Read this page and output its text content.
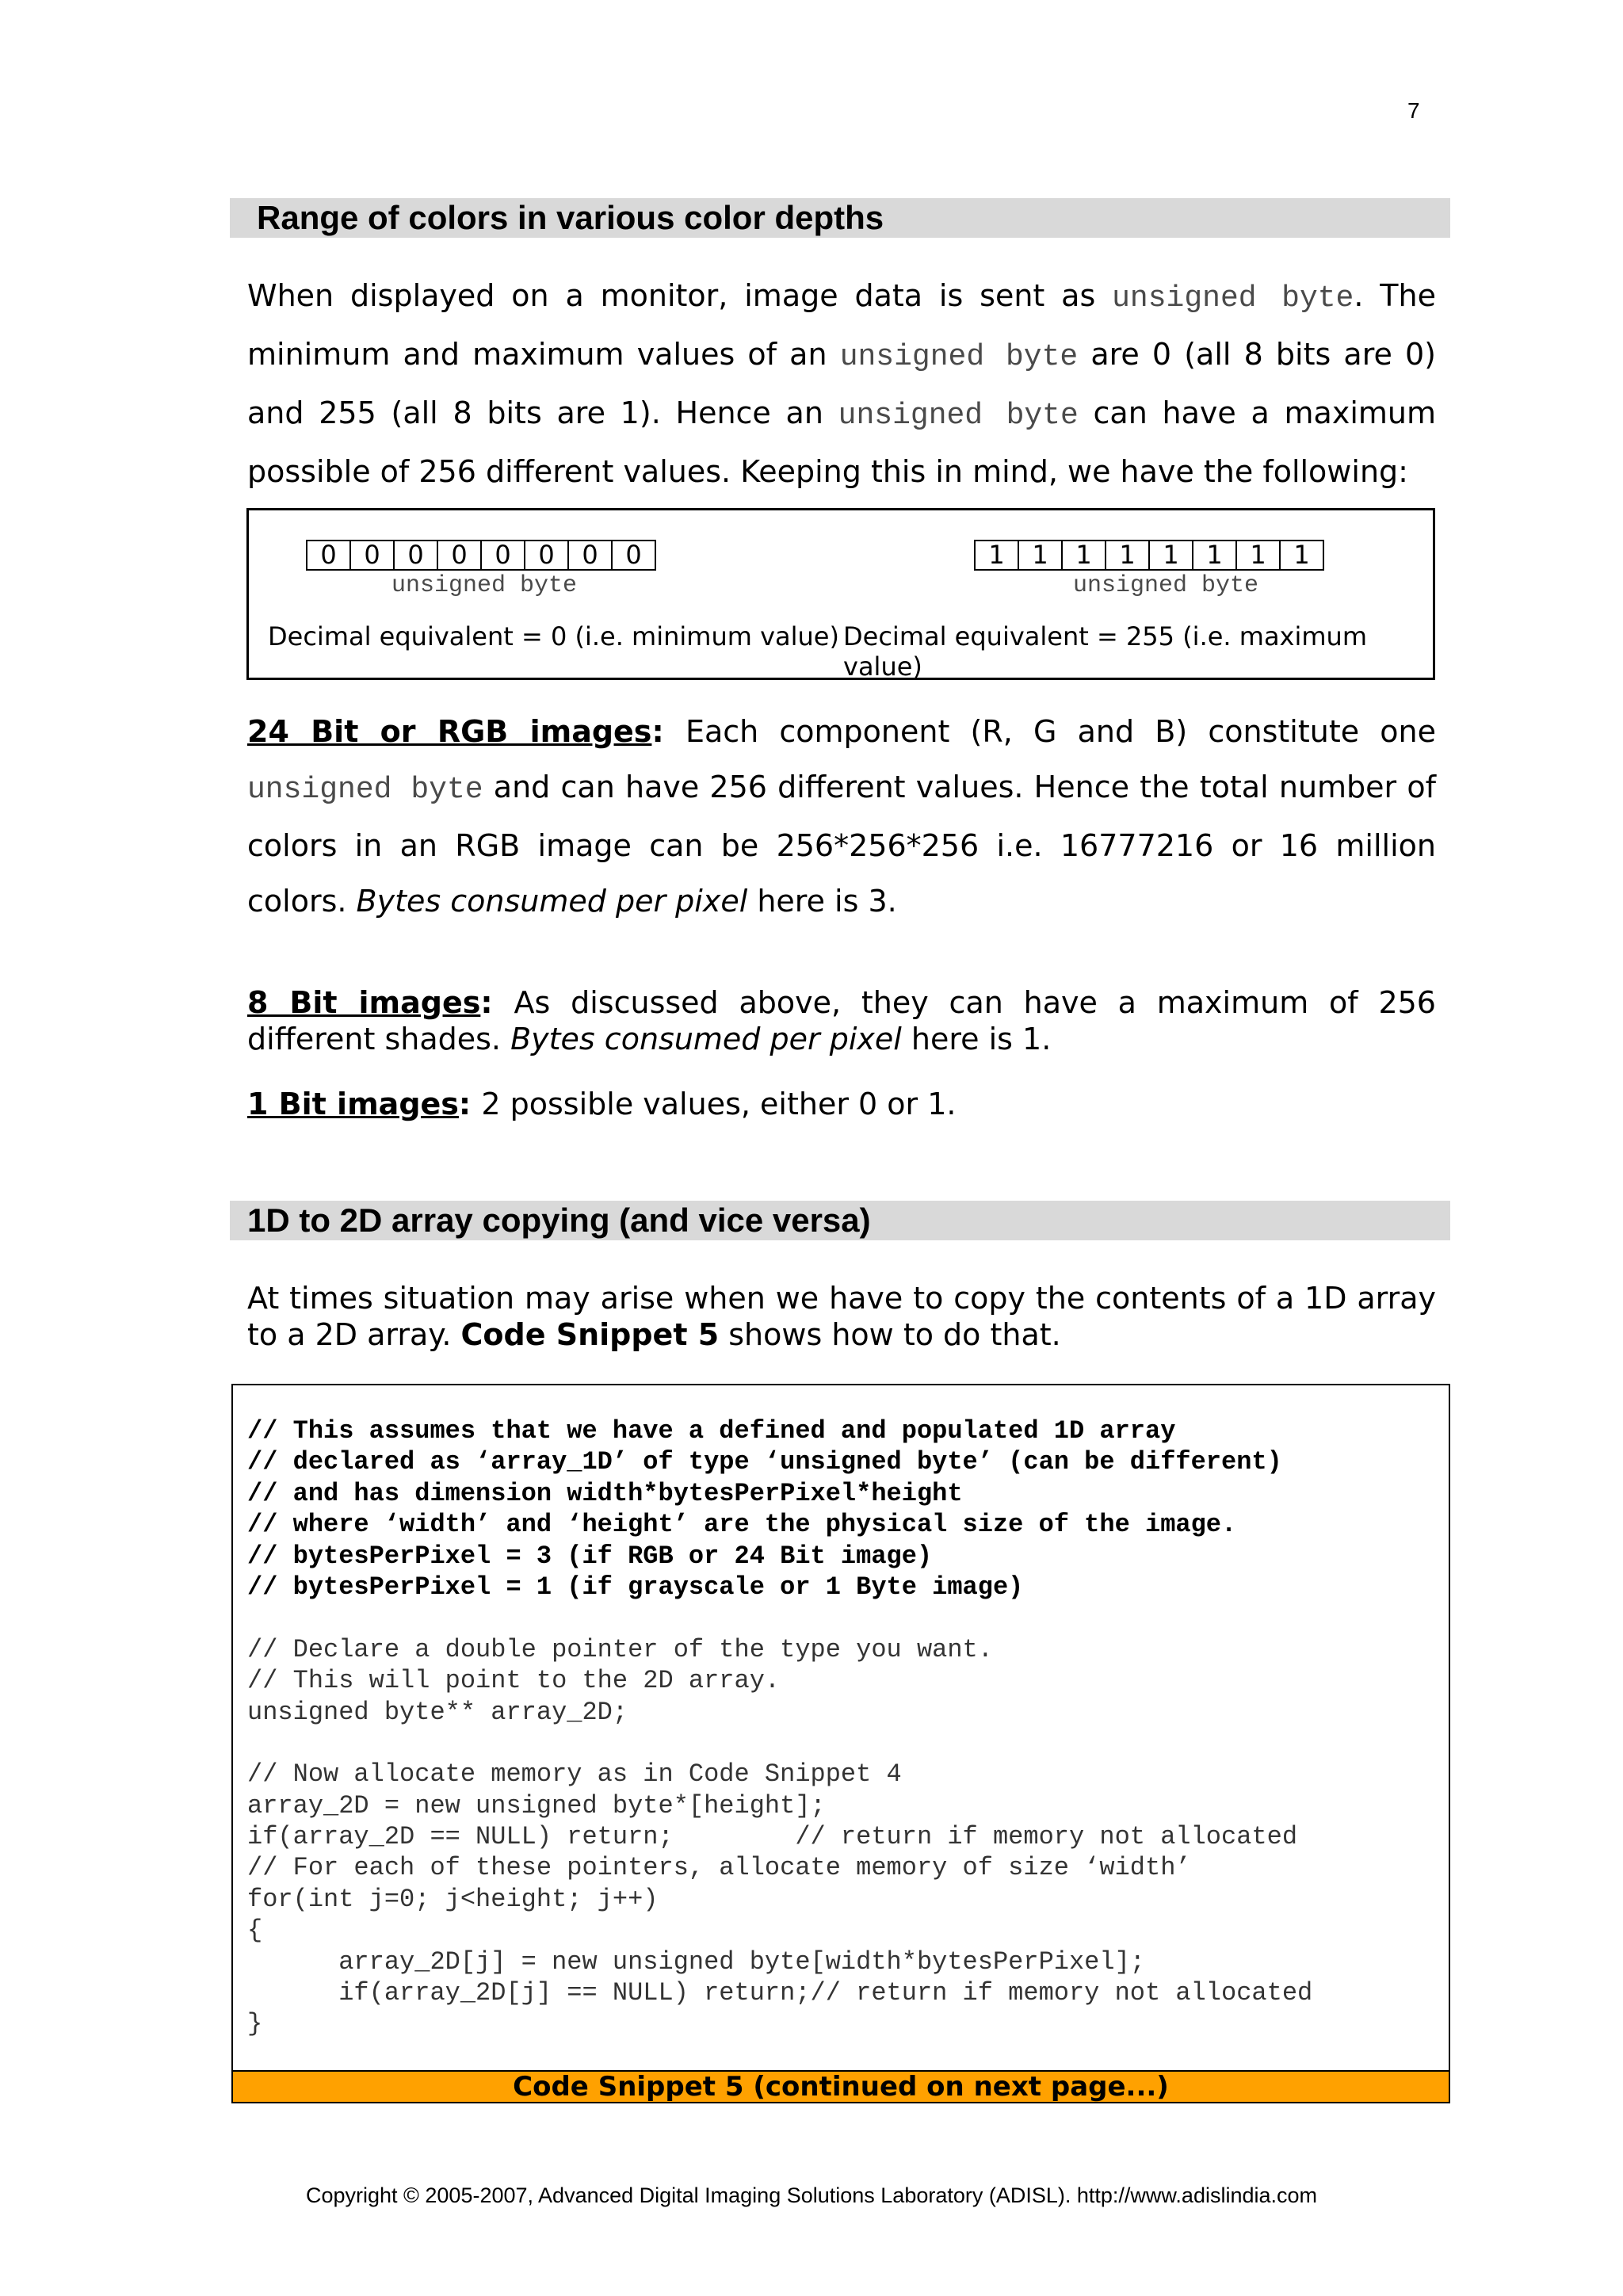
7
Range of colors in various color depths
When displayed on a monitor, image data is sent as unsigned byte. The minimum and maximum values of an unsigned byte are 0 (all 8 bits are 0) and 255 (all 8 bits are 1). Hence an unsigned byte can have a maximum possible of 256 different values. Keeping this in mind, we have the following:
0	0	0	0	0	0	0	0
unsigned byte
Decimal equivalent = 0 (i.e. minimum value)
1	1	1	1	1	1	1	1
unsigned byte
Decimal equivalent = 255 (i.e. maximum value)
24 Bit or RGB images: Each component (R, G and B) constitute one unsigned byte and can have 256 different values. Hence the total number of colors in an RGB image can be 256*256*256 i.e. 16777216 or 16 million colors. Bytes consumed per pixel here is 3.
8 Bit images: As discussed above, they can have a maximum of 256 different shades. Bytes consumed per pixel here is 1.
1 Bit images: 2 possible values, either 0 or 1.
1D to 2D array copying (and vice versa)
At times situation may arise when we have to copy the contents of a 1D array to a 2D array. Code Snippet 5 shows how to do that.
// This assumes that we have a defined and populated 1D array
// declared as ‘array_1D’ of type ‘unsigned byte’ (can be different)
// and has dimension width*bytesPerPixel*height
// where ‘width’ and ‘height’ are the physical size of the image.
// bytesPerPixel = 3 (if RGB or 24 Bit image)
// bytesPerPixel = 1 (if grayscale or 1 Byte image)
// Declare a double pointer of the type you want.
// This will point to the 2D array.
unsigned byte** array_2D;
// Now allocate memory as in Code Snippet 4
array_2D = new unsigned byte*[height];
if(array_2D == NULL) return;        // return if memory not allocated
// For each of these pointers, allocate memory of size ‘width’
for(int j=0; j<height; j++)
{
array_2D[j] = new unsigned byte[width*bytesPerPixel];
if(array_2D[j] == NULL) return;// return if memory not allocated
}
Code Snippet 5 (continued on next page...)
Copyright © 2005-2007, Advanced Digital Imaging Solutions Laboratory (ADISL). http://www.adislindia.com
